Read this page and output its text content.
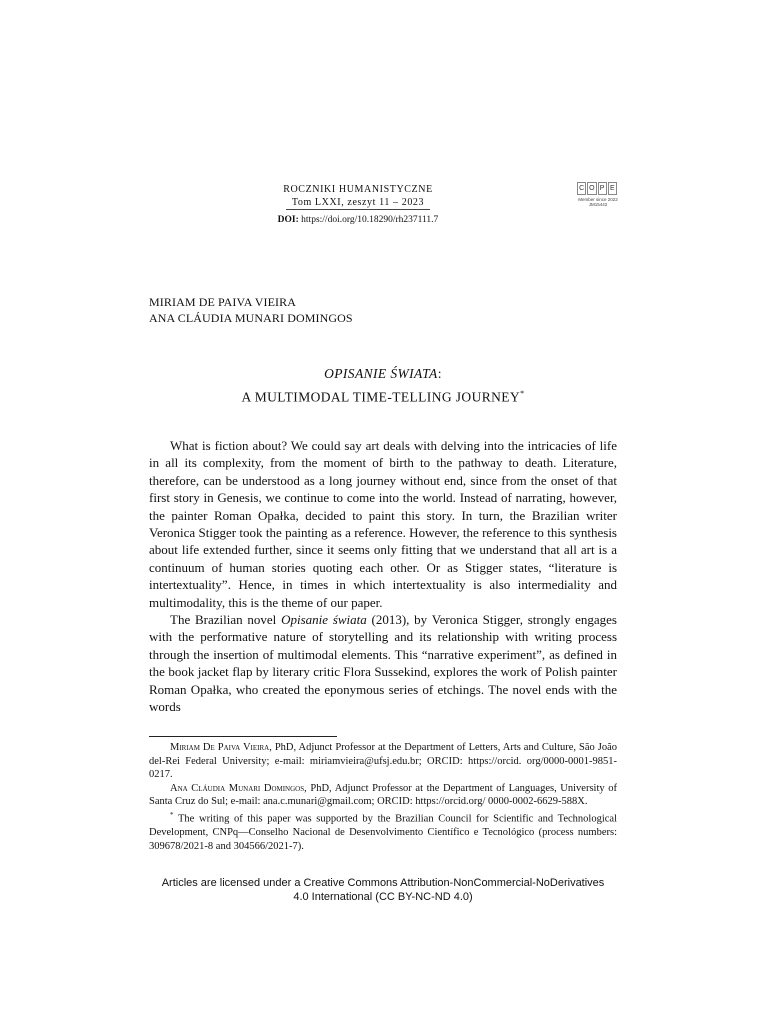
ROCZNIKI HUMANISTYCZNE
Tom LXXI, zeszyt 11 – 2023
DOI: https://doi.org/10.18290/rh237111.7
C O P E
Member since 2022
JM15442
MIRIAM DE PAIVA VIEIRA
ANA CLÁUDIA MUNARI DOMINGOS
OPISANIE ŚWIATA:
A MULTIMODAL TIME-TELLING JOURNEY*

What is fiction about? We could say art deals with delving into the intricacies of life in all its complexity, from the moment of birth to the pathway to death. Literature, therefore, can be understood as a long journey without end, since from the onset of that first story in Genesis, we continue to come into the world. Instead of narrating, however, the painter Roman Opałka, decided to paint this story. In turn, the Brazilian writer Veronica Stigger took the painting as a reference. However, the reference to this synthesis about life extended further, since it seems only fitting that we understand that all art is a continuum of human stories quoting each other. Or as Stigger states, “literature is intertextuality”. Hence, in times in which intertextuality is also intermediality and multimodality, this is the theme of our paper.

The Brazilian novel Opisanie świata (2013), by Veronica Stigger, strongly engages with the performative nature of storytelling and its relationship with writing process through the insertion of multimodal elements. This “narrative experiment”, as defined in the book jacket flap by literary critic Flora Sussekind, explores the work of Polish painter Roman Opałka, who created the eponymous series of etchings. The novel ends with the words

Miriam De Paiva Vieira, PhD, Adjunct Professor at the Department of Letters, Arts and Culture, São João del-Rei Federal University; e-mail: miriamvieira@ufsj.edu.br; ORCID: https://orcid. org/0000-0001-9851-0217.

Ana Cláudia Munari Domingos, PhD, Adjunct Professor at the Department of Languages, University of Santa Cruz do Sul; e-mail: ana.c.munari@gmail.com; ORCID: https://orcid.org/ 0000-0002-6629-588X.

* The writing of this paper was supported by the Brazilian Council for Scientific and Technological Development, CNPq—Conselho Nacional de Desenvolvimento Científico e Tecnológico (process numbers: 309678/2021-8 and 304566/2021-7).

Articles are licensed under a Creative Commons Attribution-NonCommercial-NoDerivatives
4.0 International (CC BY-NC-ND 4.0)
